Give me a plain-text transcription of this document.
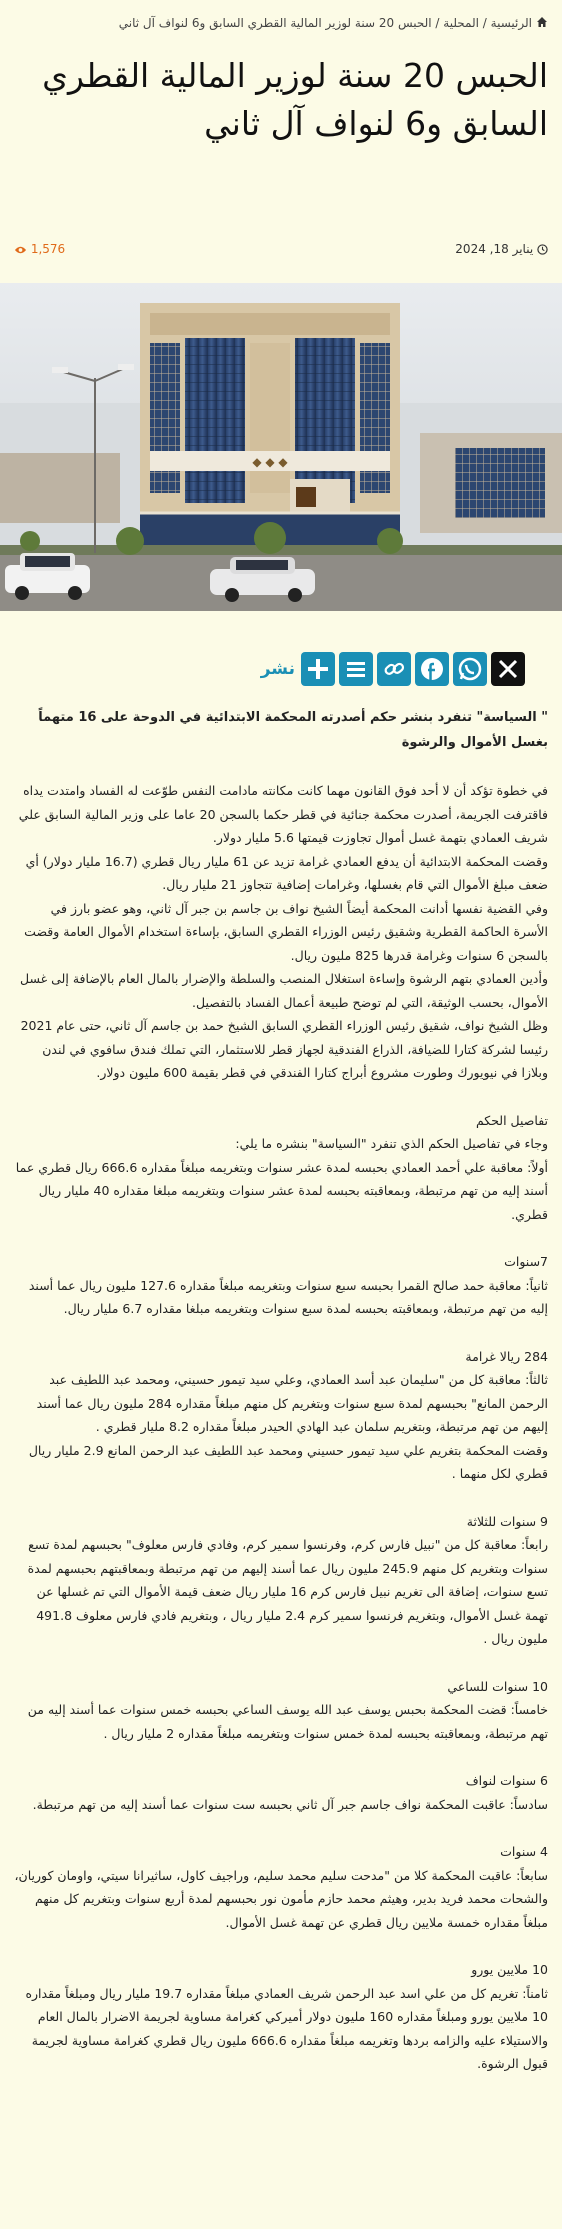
الرئيسية / المحلية / الحبس 20 سنة لوزير المالية القطري السابق و6 لنواف آل ثاني
الحبس 20 سنة لوزير المالية القطري السابق و6 لنواف آل ثاني
يناير 18, 2024
1,576
◆ ◆ ◆
نشر

" السياسة" تنفرد بنشر حكم أصدرته المحكمة الابتدائية في الدوحة على 16 متهماً بغسل الأموال والرشوة

في خطوة تؤكد أن لا أحد فوق القانون مهما كانت مكانته مادامت النفس طوّعت له الفساد وامتدت يداه فاقترفت الجريمة، أصدرت محكمة جنائية في قطر حكما بالسجن 20 عاما على وزير المالية السابق علي شريف العمادي بتهمة غسل أموال تجاوزت قيمتها 5.6 مليار دولار.

وقضت المحكمة الابتدائية أن يدفع العمادي غرامة تزيد عن 61 مليار ريال قطري (16.7 مليار دولار) أي ضعف مبلغ الأموال التي قام بغسلها، وغرامات إضافية تتجاوز 21 مليار ريال.

وفي القضية نفسها أدانت المحكمة أيضاً الشيخ نواف بن جاسم بن جبر آل ثاني، وهو عضو بارز في الأسرة الحاكمة القطرية وشقيق رئيس الوزراء القطري السابق، بإساءة استخدام الأموال العامة وقضت بالسجن 6 سنوات وغرامة قدرها 825 مليون ريال.

وأدين العمادي بتهم الرشوة وإساءة استغلال المنصب والسلطة والإضرار بالمال العام بالإضافة إلى غسل الأموال، بحسب الوثيقة، التي لم توضح طبيعة أعمال الفساد بالتفصيل.

وظل الشيخ نواف، شقيق رئيس الوزراء القطري السابق الشيخ حمد بن جاسم آل ثاني، حتى عام 2021 رئيسا لشركة كتارا للضيافة، الذراع الفندقية لجهاز قطر للاستثمار، التي تملك فندق سافوي في لندن وبلازا في نيويورك وطورت مشروع أبراج كتارا الفندقي في قطر بقيمة 600 مليون دولار.

تفاصيل الحكم

وجاء في تفاصيل الحكم الذي تنفرد "السياسة" بنشره ما يلي:

أولاً: معاقبة علي أحمد العمادي بحبسه لمدة عشر سنوات وبتغريمه مبلغاً مقداره 666.6 ريال قطري عما أسند إليه من تهم مرتبطة، وبمعاقبته بحبسه لمدة عشر سنوات وبتغريمه مبلغا مقداره 40 مليار ريال قطري.

7سنوات

ثانياً: معاقبة حمد صالح القمرا بحبسه سبع سنوات وبتغريمه مبلغاً مقداره 127.6 مليون ريال عما أسند إليه من تهم مرتبطة، وبمعاقبته بحبسه لمدة سبع سنوات وبتغريمه مبلغا مقداره 6.7 مليار ريال.

284 ريالا غرامة

ثالثاً: معاقبة كل من "سليمان عبد أسد العمادي، وعلي سيد تيمور حسيني، ومحمد عبد اللطيف عبد الرحمن المانع" بحبسهم لمدة سبع سنوات وبتغريم كل منهم مبلغاً مقداره 284 مليون ريال عما أسند إليهم من تهم مرتبطة، وبتغريم سلمان عبد الهادي الحيدر مبلغاً مقداره 8.2 مليار قطري .

وقضت المحكمة بتغريم علي سيد تيمور حسيني ومحمد عبد اللطيف عبد الرحمن المانع 2.9 مليار ريال قطري لكل منهما .

9 سنوات للثلاثة

رابعاً: معاقبة كل من "نبيل فارس كرم، وفرنسوا سمير كرم، وفادي فارس معلوف" بحبسهم لمدة تسع سنوات وبتغريم كل منهم 245.9 مليون ريال عما أسند إليهم من تهم مرتبطة وبمعاقبتهم بحبسهم لمدة تسع سنوات، إضافة الى تغريم نبيل فارس كرم 16 مليار ريال ضعف قيمة الأموال التي تم غسلها عن تهمة غسل الأموال، وبتغريم فرنسوا سمير كرم 2.4 مليار ريال ، وبتغريم فادي فارس معلوف 491.8 مليون ريال .

10 سنوات للساعي

خامساً: قضت المحكمة بحبس يوسف عبد الله يوسف الساعي بحبسه خمس سنوات عما أسند إليه من تهم مرتبطة، وبمعاقبته بحبسه لمدة خمس سنوات وبتغريمه مبلغاً مقداره 2 مليار ريال .

6 سنوات لنواف

سادساً: عاقبت المحكمة نواف جاسم جبر آل ثاني بحبسه ست سنوات عما أسند إليه من تهم مرتبطة.

4 سنوات

سابعاً: عاقبت المحكمة كلا من "مدحت سليم محمد سليم، وراجيف كاول، ساثيرانا سيتي، واومان كوريان، والشحات محمد فريد بدير، وهيثم محمد حازم مأمون نور بحبسهم لمدة أربع سنوات وبتغريم كل منهم مبلغاً مقداره خمسة ملايين ريال قطري عن تهمة غسل الأموال.

10 ملايين يورو

ثامناً: تغريم كل من علي اسد عبد الرحمن شريف العمادي مبلغاً مقداره 19.7 مليار ريال ومبلغاً مقداره 10 ملايين يورو ومبلغاً مقداره 160 مليون دولار أميركي كغرامة مساوية لجريمة الاضرار بالمال العام والاستيلاء عليه والزامه بردها وتغريمه مبلغاً مقداره 666.6 مليون ريال قطري كغرامة مساوية لجريمة قبول الرشوة.
